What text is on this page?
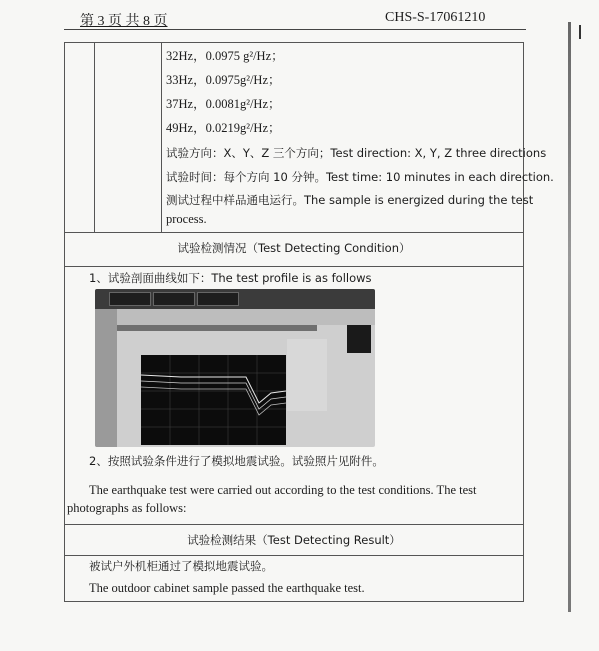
第 3 页 共 8 页	CHS-S-17061210
32Hz，0.0975 g²/Hz；
33Hz，0.0975g²/Hz；
37Hz，0.0081g²/Hz；
49Hz，0.0219g²/Hz；
试验方向：X、Y、Z 三个方向；Test direction: X, Y, Z three directions
试验时间：每个方向 10 分钟。Test time: 10 minutes in each direction.
测试过程中样品通电运行。The sample is energized during the test
process.
试验检测情况（Test Detecting Condition）
1、试验剖面曲线如下：The test profile is as follows
2、按照试验条件进行了模拟地震试验。试验照片见附件。
The earthquake test were carried out according to the test conditions. The test
photographs as follows:
试验检测结果（Test Detecting Result）
被试户外机柜通过了模拟地震试验。
The outdoor cabinet sample passed the earthquake test.
